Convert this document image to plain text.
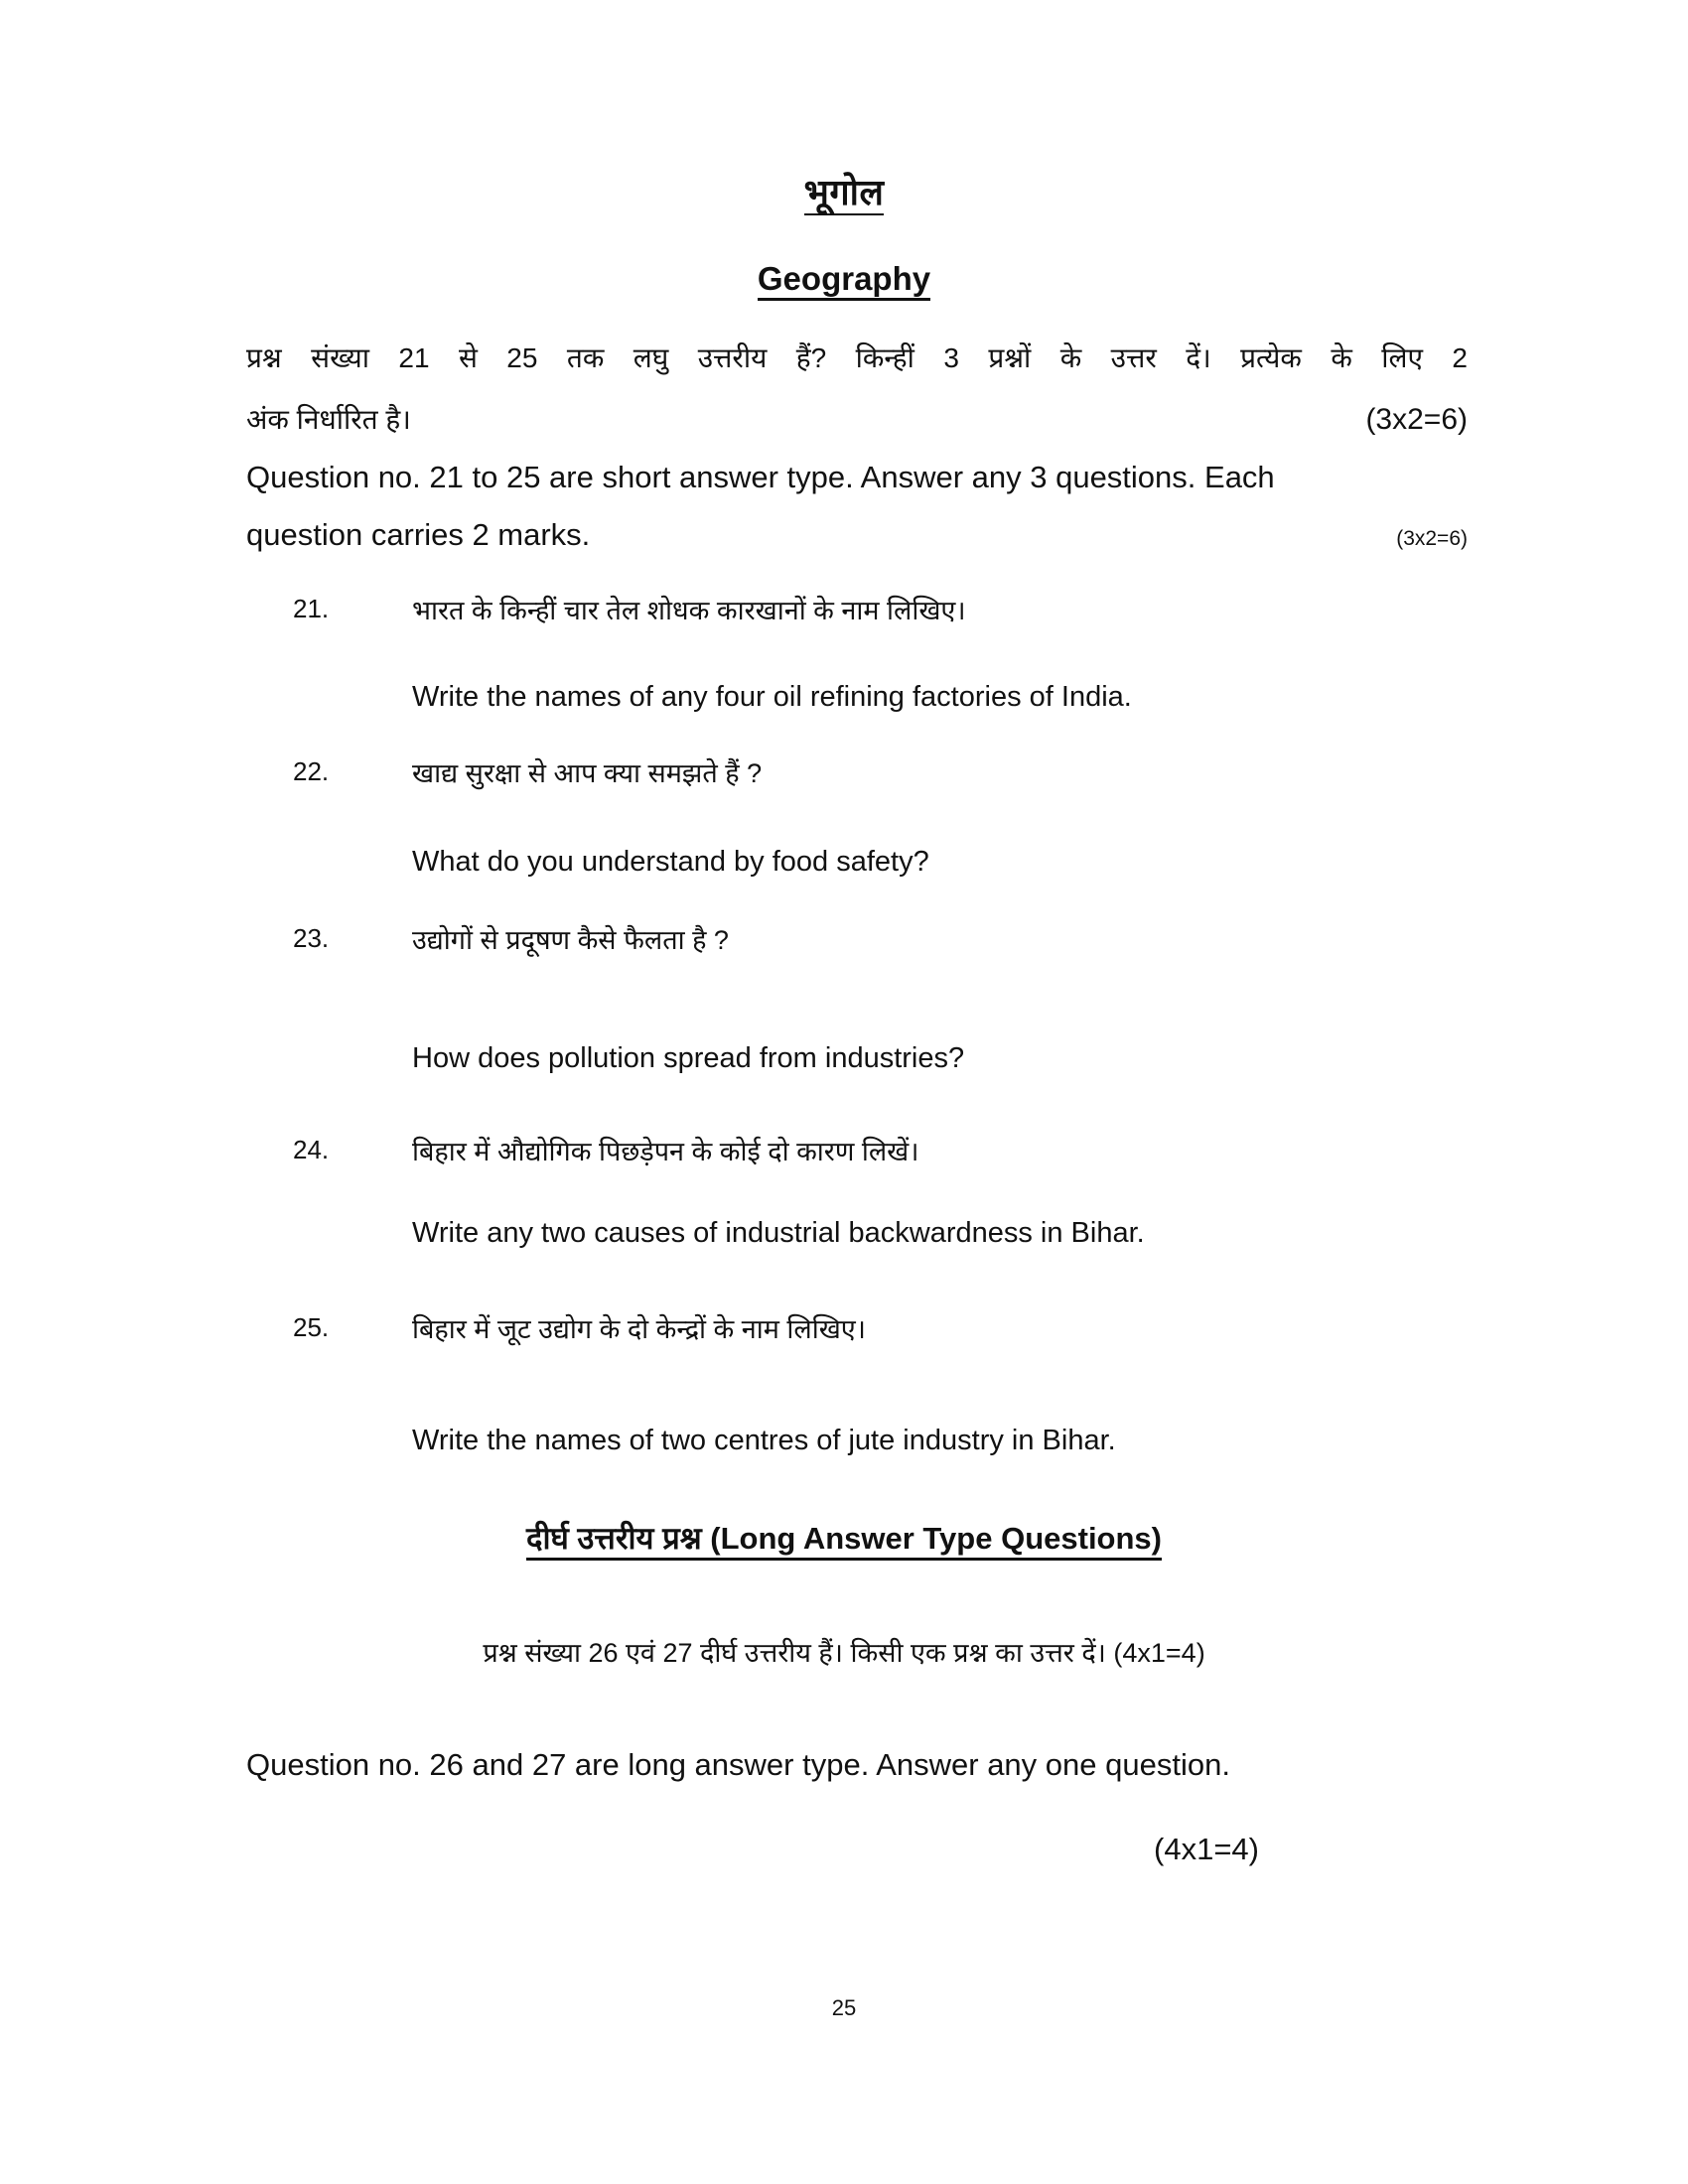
भूगोल
Geography
प्रश्न संख्या 21 से 25 तक लघु उत्तरीय हैं? किन्हीं 3 प्रश्नों के उत्तर दें। प्रत्येक के लिए 2
अंक निर्धारित है।	(3x2=6)
Question no. 21 to 25 are short answer type. Answer any 3 questions. Each
question carries 2 marks.	(3x2=6)
21.	भारत के किन्हीं चार तेल शोधक कारखानों के नाम लिखिए।
Write the names of any four oil refining factories of India.
22.	खाद्य सुरक्षा से आप क्या समझते हैं ?
What do you understand by food safety?
23.	उद्योगों से प्रदूषण कैसे फैलता है ?
How does pollution spread from industries?
24.	बिहार में औद्योगिक पिछड़ेपन के कोई दो कारण लिखें।
Write any two causes of industrial backwardness in Bihar.
25.	बिहार में जूट उद्योग के दो केन्द्रों के नाम लिखिए।
Write the names of two centres of jute industry in Bihar.
दीर्घ उत्तरीय प्रश्न (Long Answer Type Questions)
प्रश्न संख्या 26 एवं 27 दीर्घ उत्तरीय हैं। किसी एक प्रश्न का उत्तर दें। (4x1=4)
Question no. 26 and 27 are long answer type. Answer any one question.
(4x1=4)
25
